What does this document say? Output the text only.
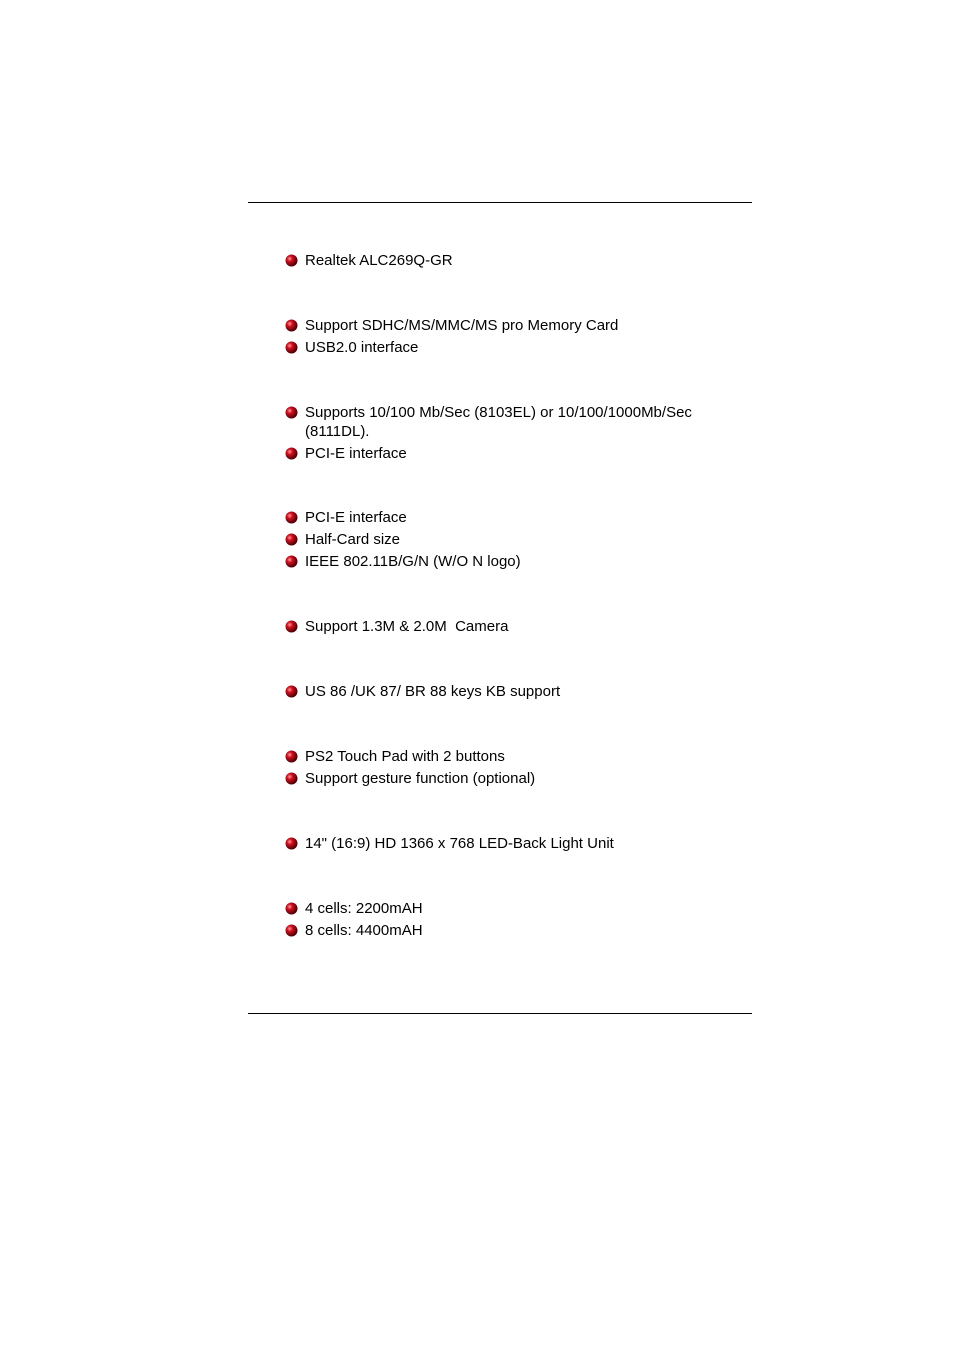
Realtek ALC269Q-GR
Support SDHC/MS/MMC/MS pro Memory Card
USB2.0 interface
Supports 10/100 Mb/Sec (8103EL) or 10/100/1000Mb/Sec (8111DL).
PCI-E interface
PCI-E interface
Half-Card size
IEEE 802.11B/G/N (W/O N logo)
Support 1.3M & 2.0M  Camera
US 86 /UK 87/ BR 88 keys KB support
PS2 Touch Pad with 2 buttons
Support gesture function (optional)
14" (16:9) HD 1366 x 768 LED-Back Light Unit
4 cells: 2200mAH
8 cells: 4400mAH
